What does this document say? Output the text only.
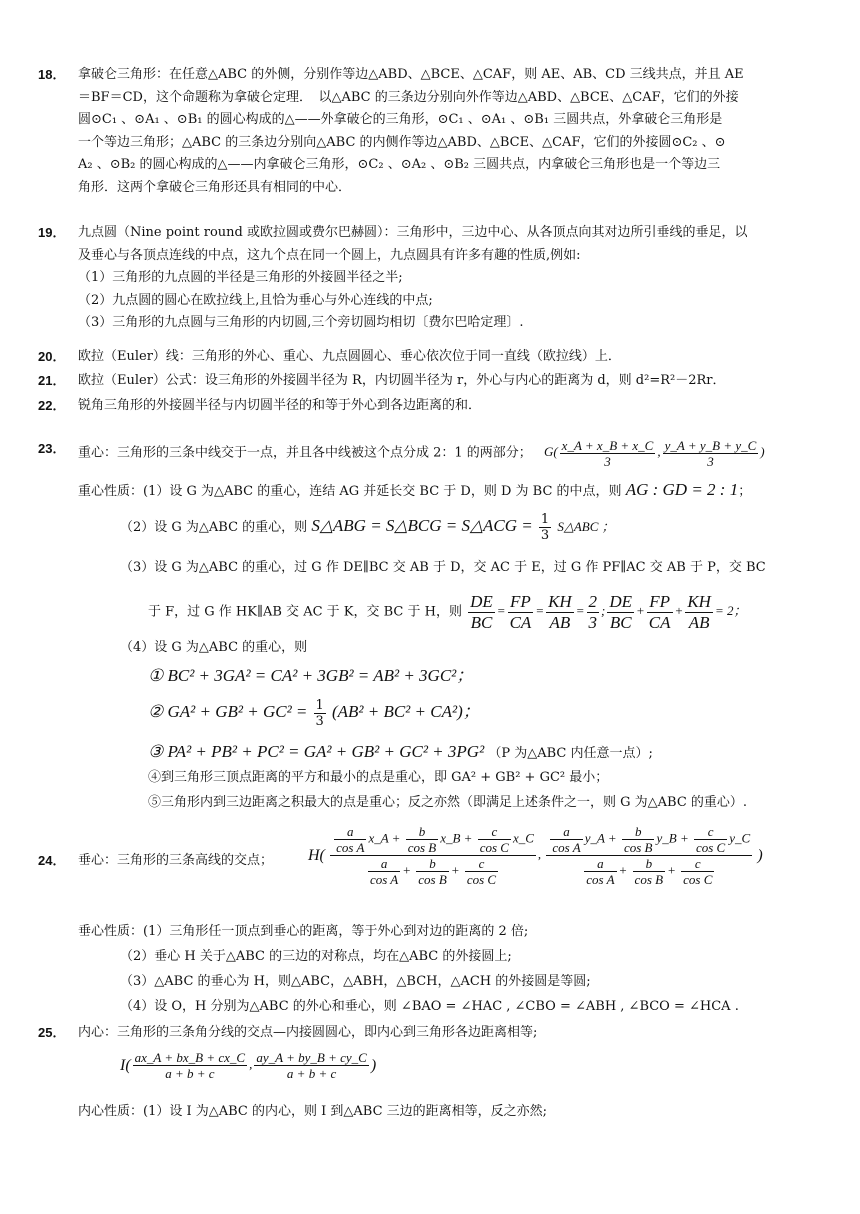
18． 拿破仑三角形：在任意△ABC 的外侧，分别作等边△ABD、△BCE、△CAF，则 AE、AB、CD 三线共点，并且 AE
＝BF＝CD，这个命题称为拿破仑定理．　以△ABC 的三条边分别向外作等边△ABD、△BCE、△CAF，它们的外接
圆⊙C₁ 、⊙A₁ 、⊙B₁ 的圆心构成的△——外拿破仑的三角形，⊙C₁ 、⊙A₁ 、⊙B₁ 三圆共点，外拿破仑三角形是
一个等边三角形；△ABC 的三条边分别向△ABC 的内侧作等边△ABD、△BCE、△CAF，它们的外接圆⊙C₂ 、⊙
A₂ 、⊙B₂ 的圆心构成的△——内拿破仑三角形，⊙C₂ 、⊙A₂ 、⊙B₂ 三圆共点，内拿破仑三角形也是一个等边三
角形．这两个拿破仑三角形还具有相同的中心．
19． 九点圆（Nine point round 或欧拉圆或费尔巴赫圆）：三角形中，三边中心、从各顶点向其对边所引垂线的垂足，以
及垂心与各顶点连线的中点，这九个点在同一个圆上，九点圆具有许多有趣的性质,例如:
（1）三角形的九点圆的半径是三角形的外接圆半径之半;
（2）九点圆的圆心在欧拉线上,且恰为垂心与外心连线的中点;
（3）三角形的九点圆与三角形的内切圆,三个旁切圆均相切〔费尔巴哈定理〕.
20． 欧拉（Euler）线：三角形的外心、重心、九点圆圆心、垂心依次位于同一直线（欧拉线）上．
21． 欧拉（Euler）公式：设三角形的外接圆半径为 R，内切圆半径为 r，外心与内心的距离为 d，则 d²=R²－2Rr．
22． 锐角三角形的外接圆半径与内切圆半径的和等于外心到各边距离的和．
23． 重心：三角形的三条中线交于一点，并且各中线被这个点分成 2：1 的两部分； $G( \frac{x\_A + x\_B + x\_C}{3}$ , $\frac{y\_A + y\_B + y\_C}{3}$ )
重心性质：(1）设 G 为△ABC 的重心，连结 AG 并延长交 BC 于 D，则 D 为 BC 的中点，则 AG : GD = 2 : 1；
（2）设 G 为△ABC 的重心，则 S△ABG = S△BCG = S△ACG = $\frac{1}{3}$ S△ABC ；
（3）设 G 为△ABC 的重心，过 G 作 DE∥BC 交 AB 于 D，交 AC 于 E，过 G 作 PF∥AC 交 AB 于 P，交 BC
于 F，过 G 作 HK∥AB 交 AC 于 K，交 BC 于 H，则 $\frac{DE}{BC} = \frac{FP}{CA} = \frac{KH}{AB} = \frac{2}{3}$ ; $\frac{DE}{BC} + \frac{FP}{CA} + \frac{KH}{AB} = 2$；
（4）设 G 为△ABC 的重心，则
① BC² + 3GA² = CA² + 3GB² = AB² + 3GC²；
② $GA^2 + GB^2 + GC^2 = \frac{1}{3} (AB^2 + BC^2 + CA^2)$；
③ PA² + PB² + PC² = GA² + GB² + GC² + 3PG² （P 为△ABC 内任意一点）;
④到三角形三顶点距离的平方和最小的点是重心，即 GA² + GB² + GC² 最小；
⑤三角形内到三边距离之积最大的点是重心；反之亦然（即满足上述条件之一，则 G 为△ABC 的重心）.
24． 垂心：三角形的三条高线的交点；	$H( \frac{\frac{a}{\text{cos A}} x\_A + \frac{b}{\text{cos B}} x\_B + \frac{c}{\text{cos C}} x\_C}{\frac{a}{\text{cos A}} + \frac{b}{\text{cos B}} + \frac{c}{\text{cos C}}}$ , $\frac{\frac{a}{\text{cos A}} y\_A + \frac{b}{\text{cos B}} y\_B + \frac{c}{\text{cos C}} y\_C}{\frac{a}{\text{cos A}} + \frac{b}{\text{cos B}} + \frac{c}{\text{cos C}}}$ )
垂心性质：(1）三角形任一顶点到垂心的距离，等于外心到对边的距离的 2 倍;
（2）垂心 H 关于△ABC 的三边的对称点，均在△ABC 的外接圆上;
（3）△ABC 的垂心为 H，则△ABC，△ABH，△BCH，△ACH 的外接圆是等圆;
（4）设 O，H 分别为△ABC 的外心和垂心，则 ∠BAO = ∠HAC , ∠CBO = ∠ABH , ∠BCO = ∠HCA .
25． 内心：三角形的三条角分线的交点—内接圆圆心，即内心到三角形各边距离相等;
$I( \frac{ax\_A + bx\_B + cx\_C}{a + b + c}$ , $\frac{ay\_A + by\_B + cy\_C}{a + b + c}$ )
内心性质：(1）设 I 为△ABC 的内心，则 I 到△ABC 三边的距离相等，反之亦然;
